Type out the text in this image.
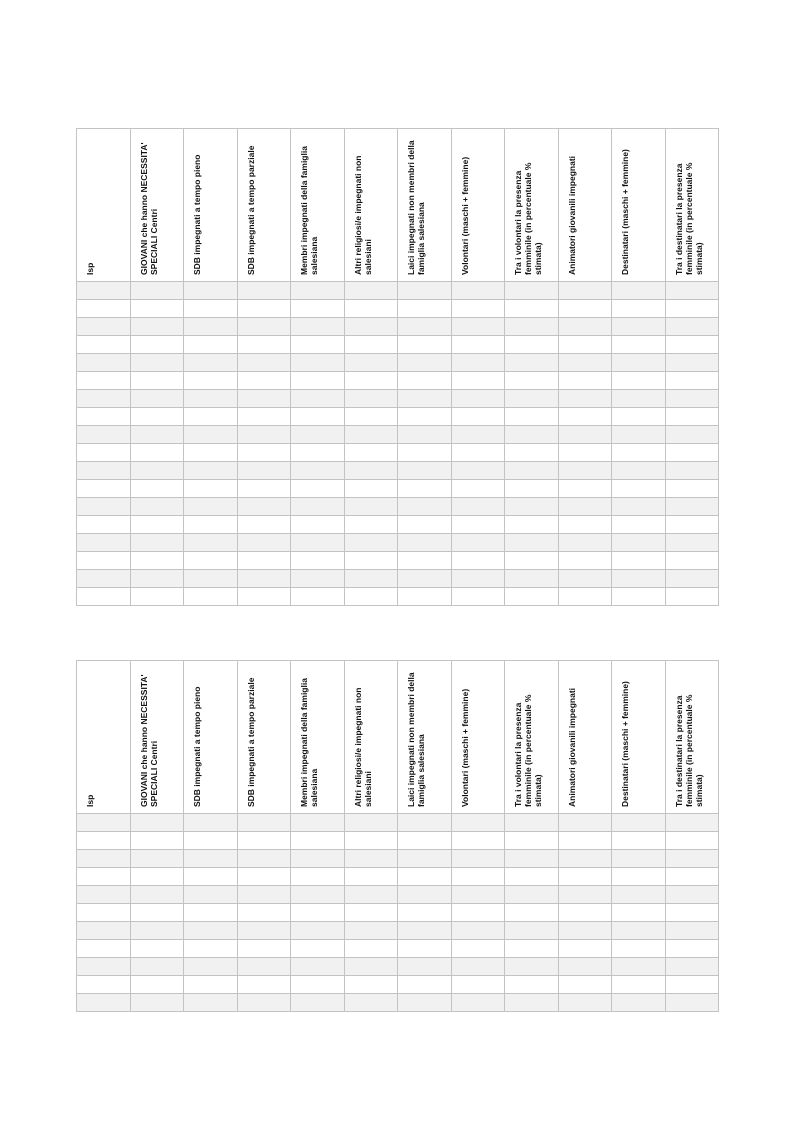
Isp	GIOVANI che hanno NECESSITA' SPECIALI Centri	SDB impegnati a tempo pieno	SDB impegnati a tempo parziale	Membri impegnati della famiglia salesiana	Altri religiosi/e impegnati non salesiani	Laici impegnati non membri della famiglia salesiana	Volontari (maschi + femmine)	Tra i volontari la presenza femminile (in percentuale % stimata)	Animatori giovanili impegnati	Destinatari (maschi + femmine)	Tra i destinatari la presenza femminile (in percentuale % stimata)

Isp	GIOVANI che hanno NECESSITA' SPECIALI Centri	SDB impegnati a tempo pieno	SDB impegnati a tempo parziale	Membri impegnati della famiglia salesiana	Altri religiosi/e impegnati non salesiani	Laici impegnati non membri della famiglia salesiana	Volontari (maschi + femmine)	Tra i volontari la presenza femminile (in percentuale % stimata)	Animatori giovanili impegnati	Destinatari (maschi + femmine)	Tra i destinatari la presenza femminile (in percentuale % stimata)
